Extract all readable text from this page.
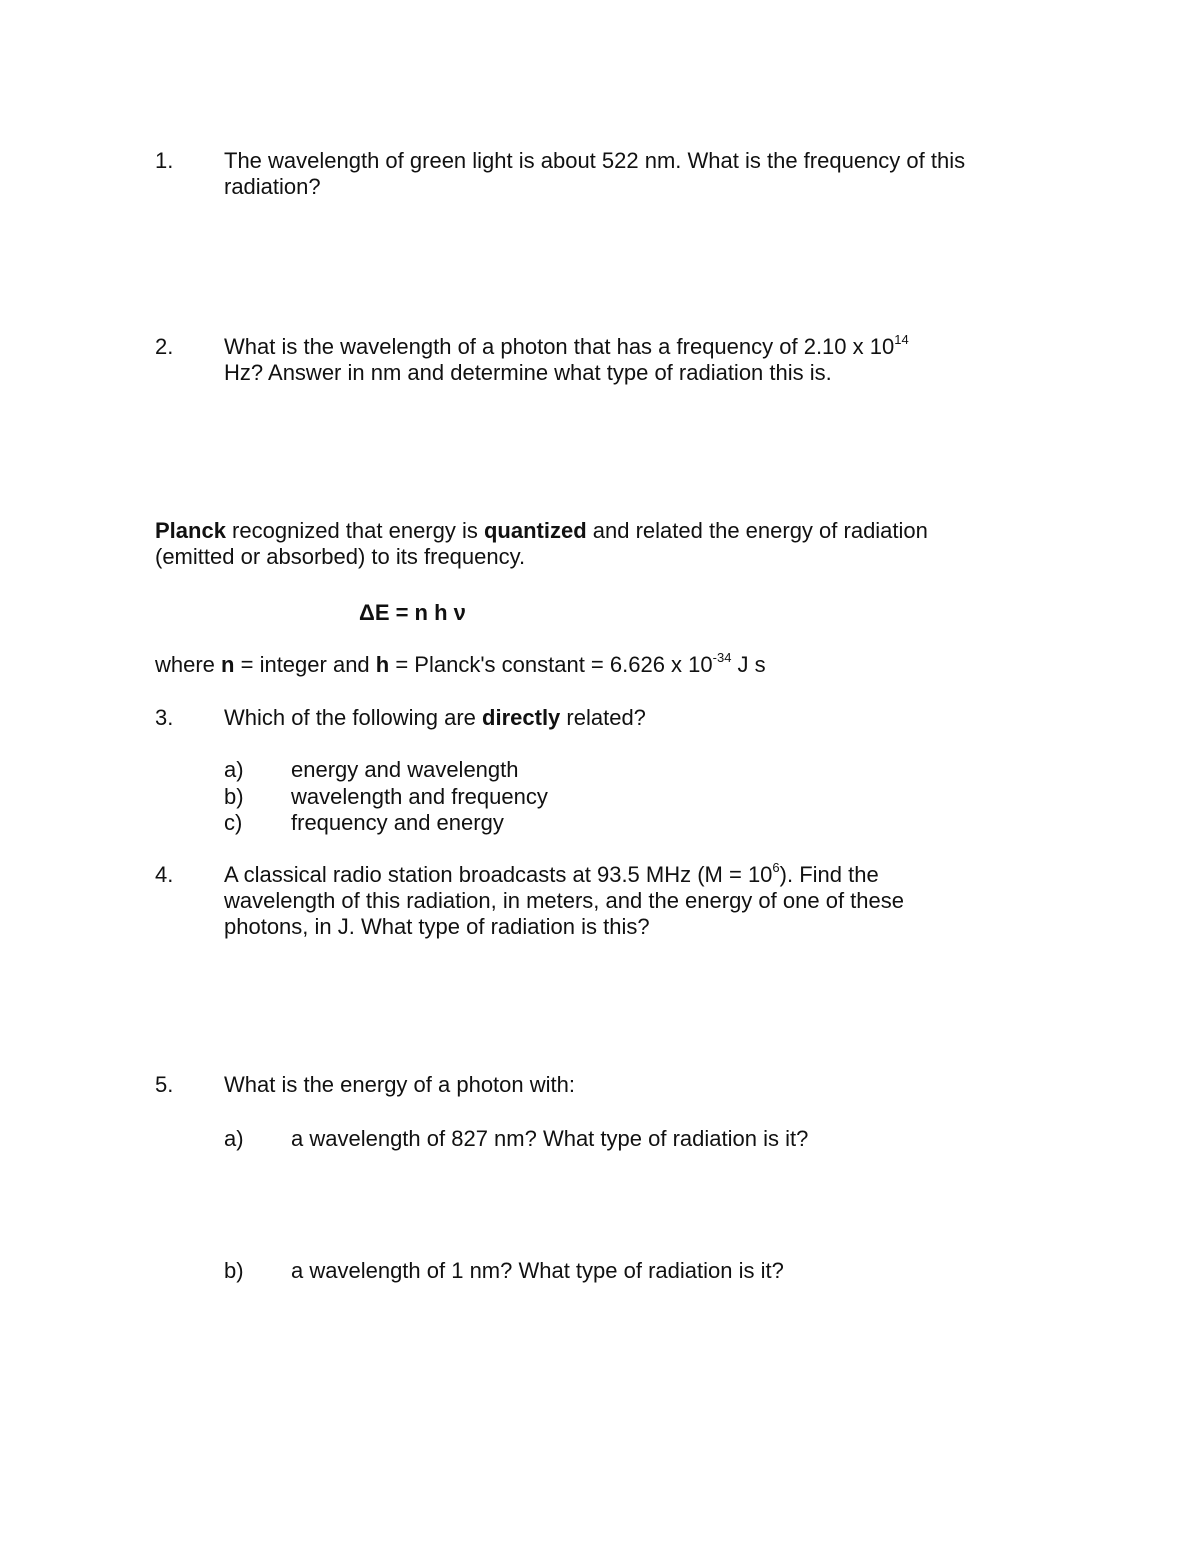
1. The wavelength of green light is about 522 nm. What is the frequency of this radiation?
2. What is the wavelength of a photon that has a frequency of 2.10 x $10^{14}$
Hz? Answer in nm and determine what type of radiation this is.
Planck recognized that energy is quantized and related the energy of radiation (emitted or absorbed) to its frequency.
ΔE = n h ν
where n = integer and h = Planck's constant = 6.626 x $10^{-34}$ J s
3. Which of the following are directly related?
a) energy and wavelength
b) wavelength and frequency
c) frequency and energy
4. A classical radio station broadcasts at 93.5 MHz $(M = 10^6)$. Find the wavelength of this radiation, in meters, and the energy of one of these photons, in J. What type of radiation is this?
5. What is the energy of a photon with:
a) a wavelength of 827 nm? What type of radiation is it?
b) a wavelength of 1 nm? What type of radiation is it?
